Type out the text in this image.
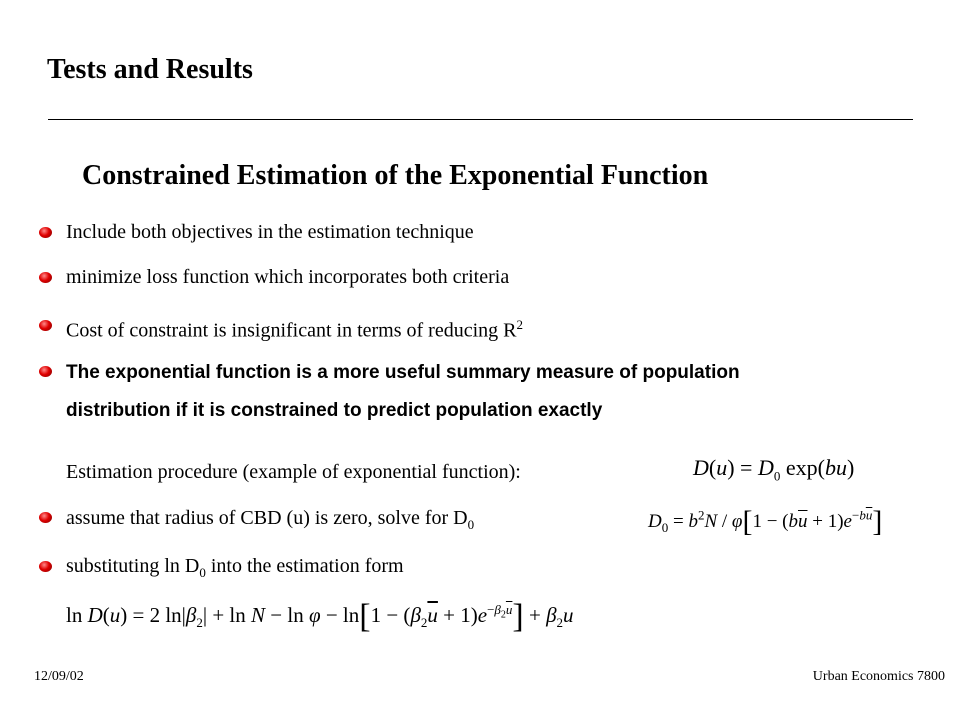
Tests and Results
Constrained Estimation of the Exponential Function
Include both objectives in the estimation technique
minimize loss function which incorporates both criteria
Cost of constraint is insignificant in terms of reducing $R^2$
The exponential function is a more useful summary measure of population
distribution if it is constrained to predict population exactly
Estimation procedure (example of exponential function):	$D(u) = D_0$ exp(bu)
assume that radius of CBD (u) is zero, solve for $D_0$	$D_0 = b^2N / \varphi[1 - (b\overline{u} + 1)e^{-b\overline{u}}]$
substituting $\ln D_0$ into the estimation form
ln D(u) = 2 $\ln|\beta_2| + \ln N - \ln \varphi - \ln[1 - (\beta_2\overline{u} + 1)e^{-\beta_2\overline{u}}] + \beta_2u$
12/09/02	Urban Economics 7800
